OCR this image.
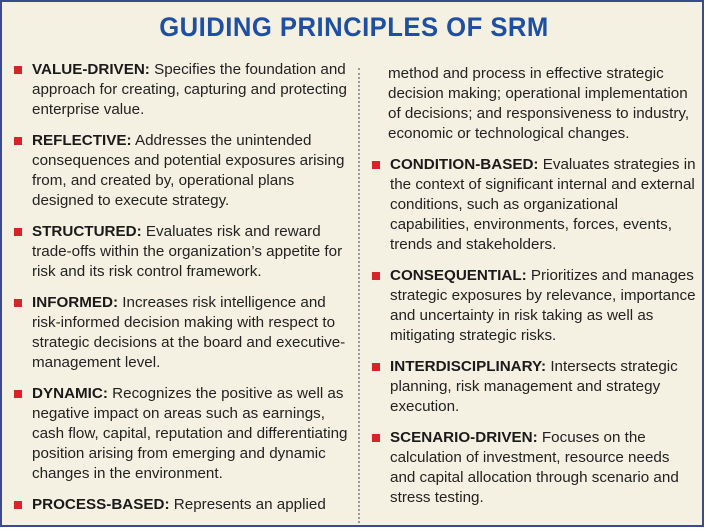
GUIDING PRINCIPLES OF SRM
VALUE-DRIVEN: Specifies the foundation and approach for creating, capturing and protecting enterprise value.
REFLECTIVE: Addresses the unintended consequences and potential exposures arising from, and created by, operational plans designed to execute strategy.
STRUCTURED: Evaluates risk and reward trade-offs within the organization’s appetite for risk and its risk control framework.
INFORMED: Increases risk intelligence and risk-informed decision making with respect to strategic decisions at the board and executive-management level.
DYNAMIC: Recognizes the positive as well as negative impact on areas such as earnings, cash flow, capital, reputation and differentiating position arising from emerging and dynamic changes in the environment.
PROCESS-BASED: Represents an applied
method and process in effective strategic decision making; operational implementation of decisions; and responsiveness to industry, economic or technological changes.
CONDITION-BASED: Evaluates strategies in the context of significant internal and external conditions, such as organizational capabilities, environments, forces, events, trends and stakeholders.
CONSEQUENTIAL: Prioritizes and manages strategic exposures by relevance, importance and uncertainty in risk taking as well as mitigating strategic risks.
INTERDISCIPLINARY: Intersects strategic planning, risk management and strategy execution.
SCENARIO-DRIVEN: Focuses on the calculation of investment, resource needs and capital allocation through scenario and stress testing.
